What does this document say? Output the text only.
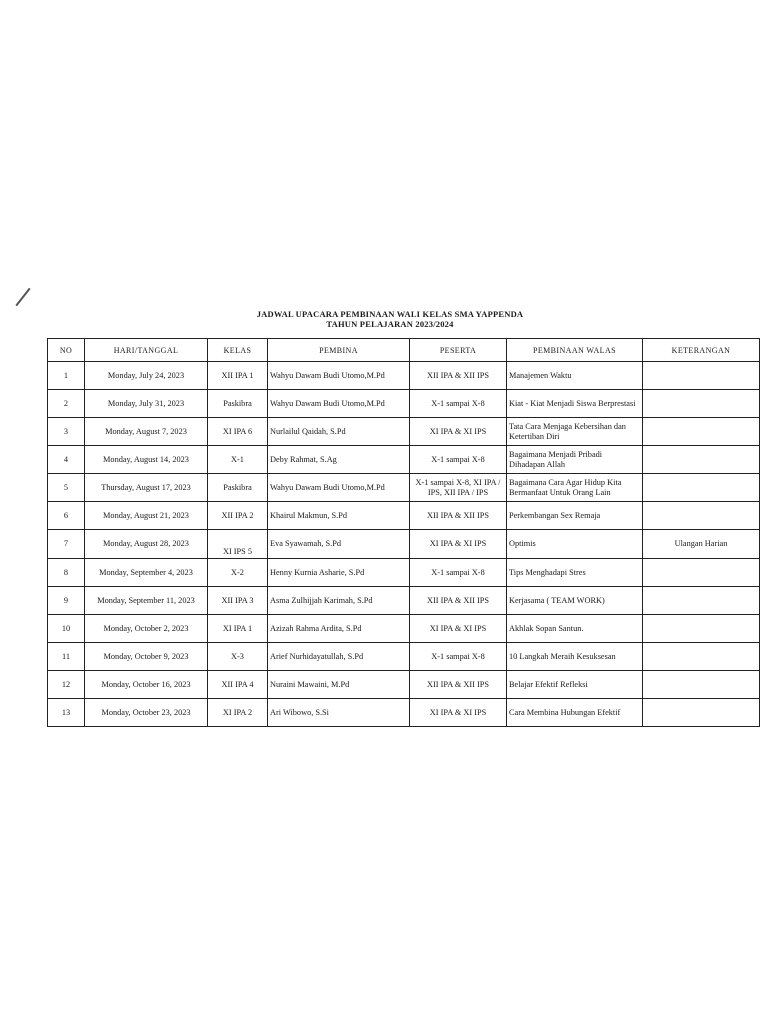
JADWAL UPACARA PEMBINAAN WALI KELAS SMA YAPPENDA
TAHUN PELAJARAN 2023/2024
NO	HARI/TANGGAL	KELAS	PEMBINA	PESERTA	PEMBINAAN WALAS	KETERANGAN
1	Monday, July 24, 2023	XII IPA 1	Wahyu Dawam Budi Utomo,M.Pd	XII IPA & XII IPS	Manajemen Waktu	
2	Monday, July 31, 2023	Paskibra	Wahyu Dawam Budi Utomo,M.Pd	X-1 sampai X-8	Kiat - Kiat Menjadi Siswa Berprestasi	
3	Monday, August 7, 2023	XI IPA 6	Nurlailul Qaidah, S.Pd	XI IPA & XI IPS	Tata Cara Menjaga Kebersihan dan Ketertiban Diri	
4	Monday, August 14, 2023	X-1	Deby Rahmat, S.Ag	X-1 sampai X-8	Bagaimana Menjadi Pribadi Dihadapan Allah	
5	Thursday, August 17, 2023	Paskibra	Wahyu Dawam Budi Utomo,M.Pd	X-1 sampai X-8, XI IPA / IPS, XII IPA / IPS	Bagaimana Cara Agar Hidup Kita Bermanfaat Untuk Orang Lain	
6	Monday, August 21, 2023	XII IPA 2	Khairul Makmun, S.Pd	XII IPA & XII IPS	Perkembangan Sex Remaja	
7	Monday, August 28, 2023	XI IPS 5	Eva Syawamah, S.Pd	XI IPA & XI IPS	Optimis	Ulangan Harian
8	Monday, September 4, 2023	X-2	Henny Kurnia Asharie, S.Pd	X-1 sampai X-8	Tips Menghadapi Stres	
9	Monday, September 11, 2023	XII IPA 3	Asma Zulhijjah Karimah, S.Pd	XII IPA & XII IPS	Kerjasama ( TEAM WORK)	
10	Monday, October 2, 2023	XI IPA 1	Azizah Rahma Ardita, S.Pd	XI IPA & XI IPS	Akhlak Sopan Santun.	
11	Monday, October 9, 2023	X-3	Arief Nurhidayatullah, S.Pd	X-1 sampai X-8	10 Langkah Meraih Kesuksesan	
12	Monday, October 16, 2023	XII IPA 4	Nuraini Mawaini, M.Pd	XII IPA & XII IPS	Belajar Efektif Refleksi	
13	Monday, October 23, 2023	XI IPA 2	Ari Wibowo, S.Si	XI IPA & XI IPS	Cara Membina Hubungan Efektif	
